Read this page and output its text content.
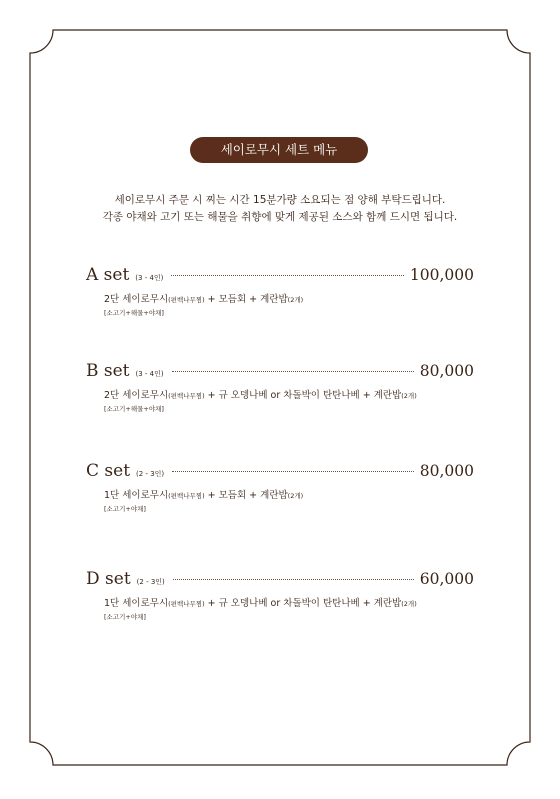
세이로무시 세트 메뉴
세이로무시 주문 시 찌는 시간 15분가량 소요되는 점 양해 부탁드립니다.
각종 야채와 고기 또는 해물을 취향에 맞게 제공된 소스와 함께 드시면 됩니다.
A set (3 - 4인)	100,000
2단 세이로무시(편백나무찜) + 모듬회 + 계란밥(2개)
[소고기+해물+야채]
B set (3 - 4인)	80,000
2단 세이로무시(편백나무찜) + 규 오뎅나베 or 차돌박이 탄탄나베 + 계란밥(2개)
[소고기+해물+야채]
C set (2 - 3인)	80,000
1단 세이로무시(편백나무찜) + 모듬회 + 계란밥(2개)
[소고기+야채]
D set (2 - 3인)	60,000
1단 세이로무시(편백나무찜) + 규 오뎅나베 or 차돌박이 탄탄나베 + 계란밥(2개)
[소고기+야채]
